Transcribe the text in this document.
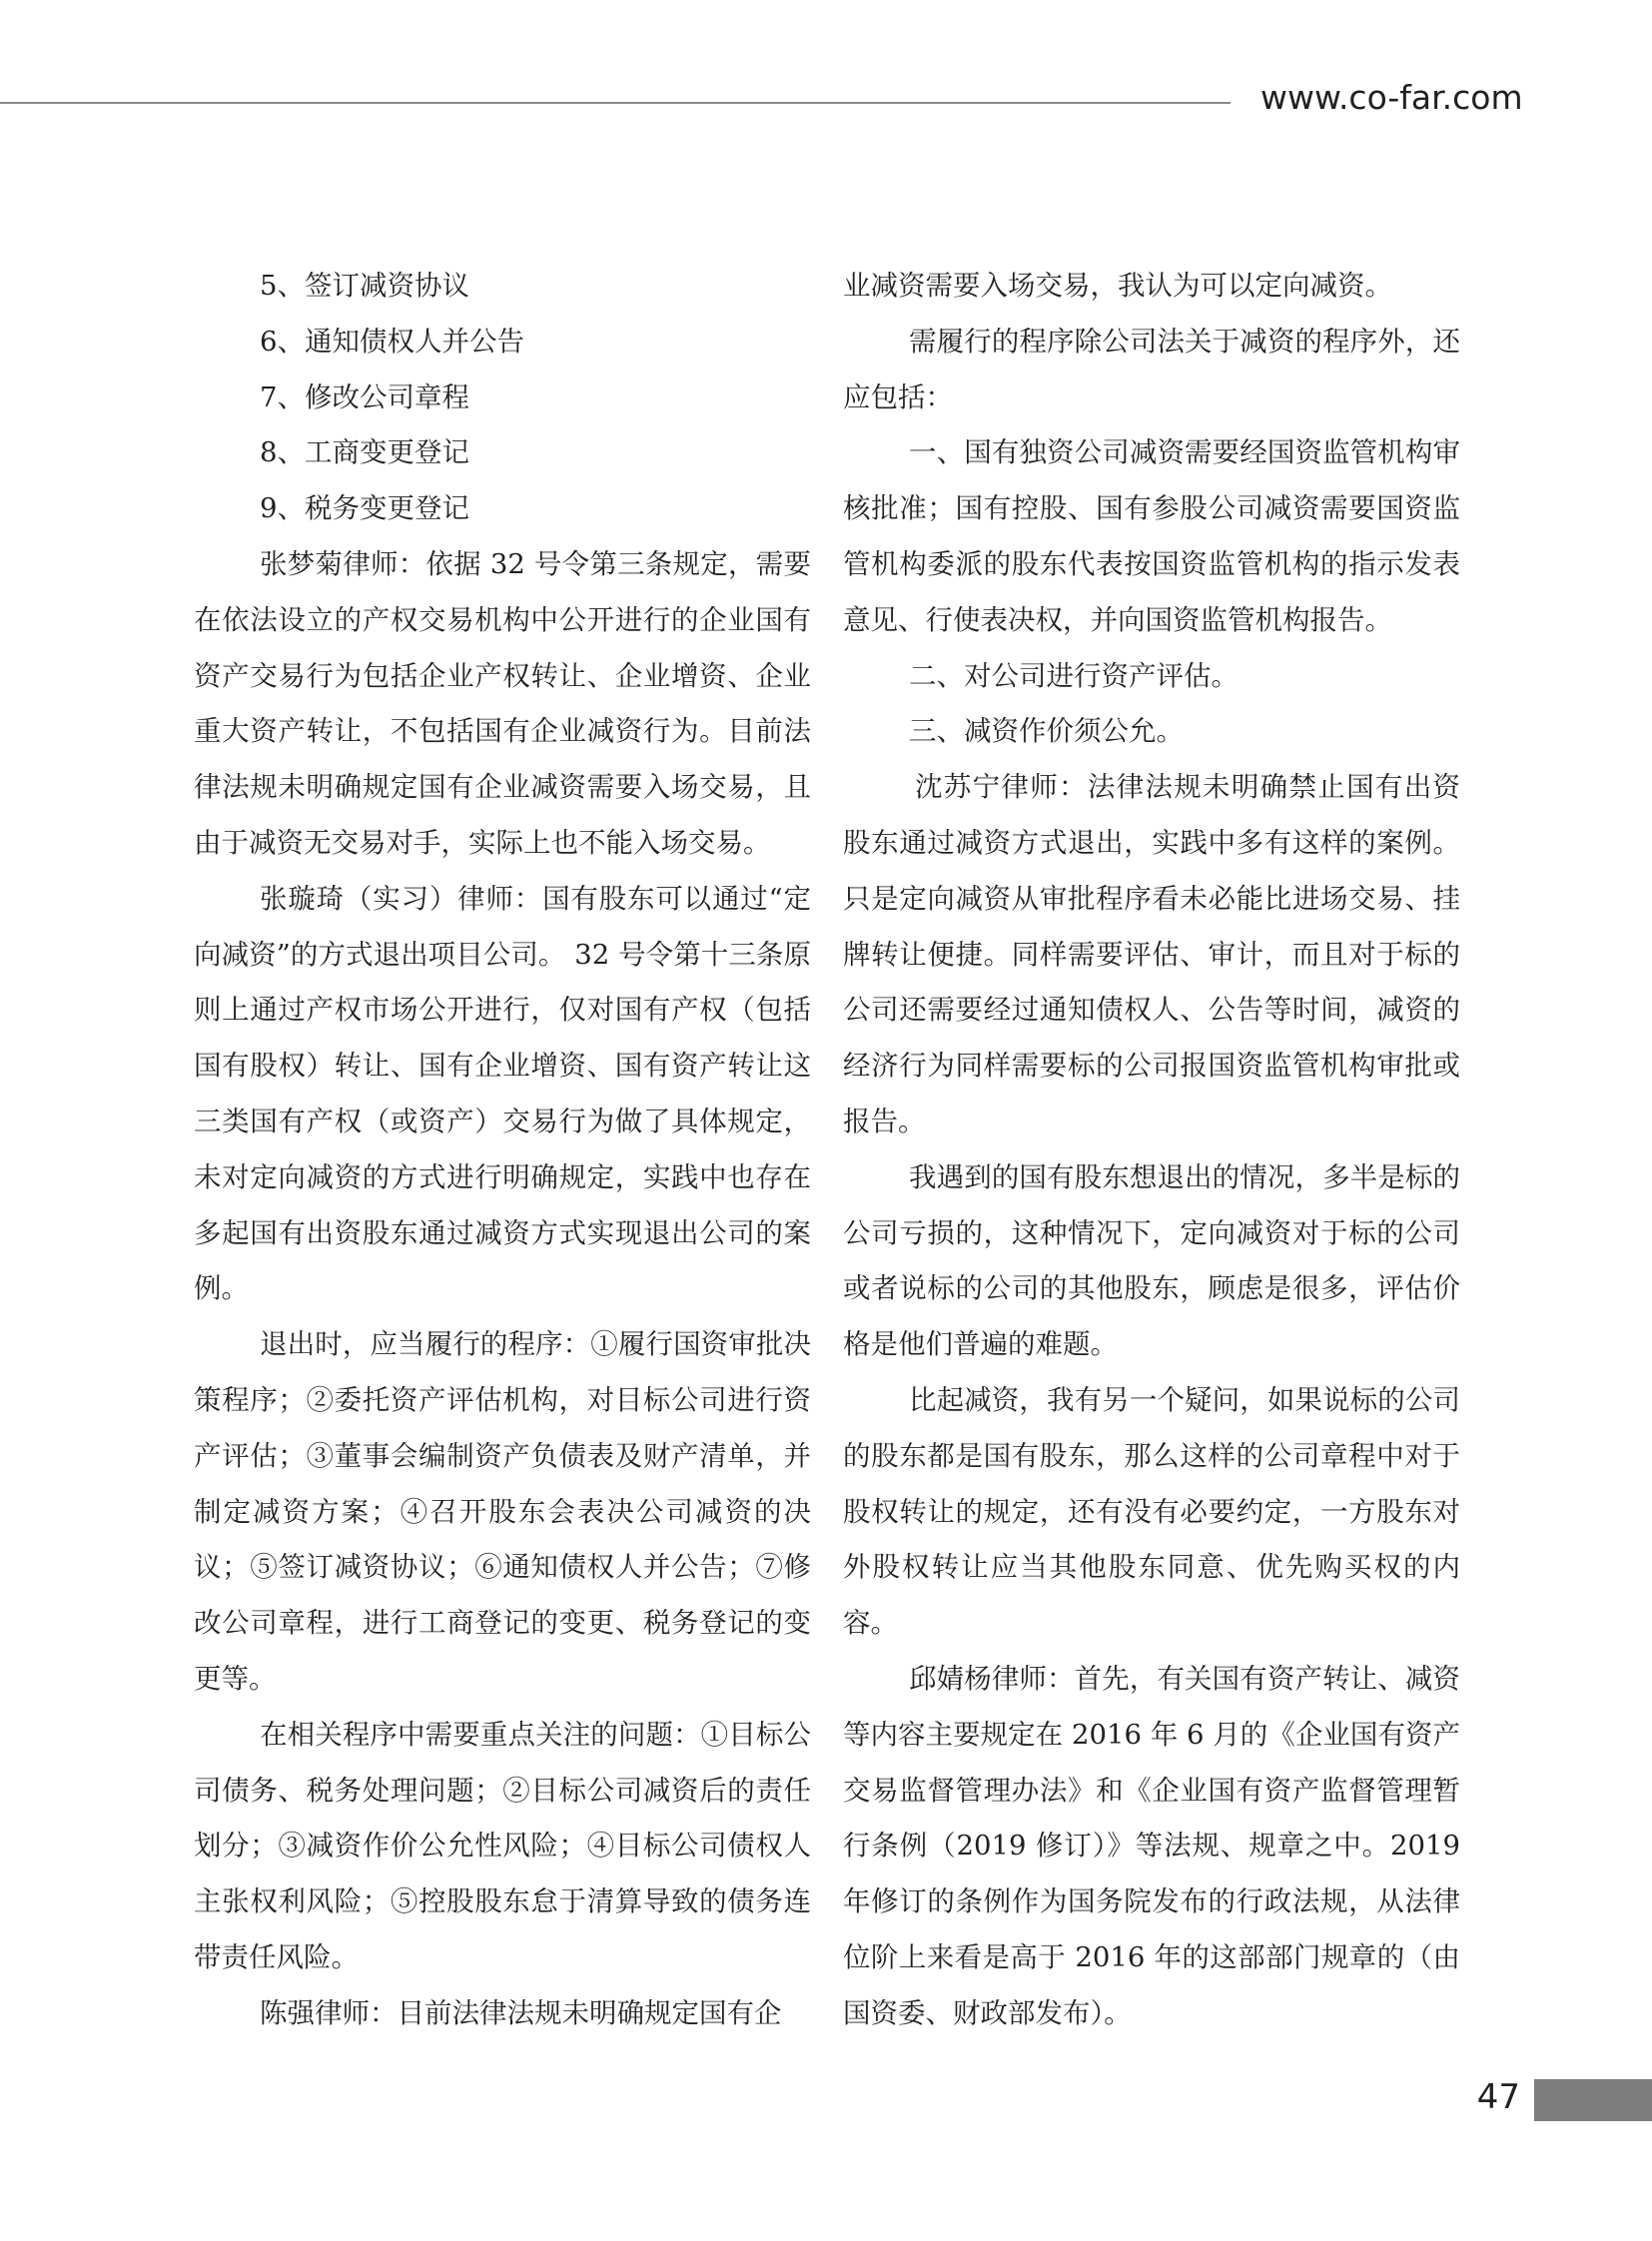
www.co-far.com

5、签订减资协议

6、通知债权人并公告

7、修改公司章程

8、工商变更登记

9、税务变更登记

张梦菊律师：依据 32 号令第三条规定，需要在依法设立的产权交易机构中公开进行的企业国有资产交易行为包括企业产权转让、企业增资、企业重大资产转让，不包括国有企业减资行为。目前法律法规未明确规定国有企业减资需要入场交易，且由于减资无交易对手，实际上也不能入场交易。

张璇琦（实习）律师：国有股东可以通过“定向减资”的方式退出项目公司。 32 号令第十三条原则上通过产权市场公开进行，仅对国有产权（包括国有股权）转让、国有企业增资、国有资产转让这三类国有产权（或资产）交易行为做了具体规定，未对定向减资的方式进行明确规定，实践中也存在多起国有出资股东通过减资方式实现退出公司的案例。

退出时，应当履行的程序：①履行国资审批决策程序；②委托资产评估机构，对目标公司进行资产评估；③董事会编制资产负债表及财产清单，并制定减资方案；④召开股东会表决公司减资的决议；⑤签订减资协议；⑥通知债权人并公告；⑦修改公司章程，进行工商登记的变更、税务登记的变更等。

在相关程序中需要重点关注的问题：①目标公司债务、税务处理问题；②目标公司减资后的责任划分；③减资作价公允性风险；④目标公司债权人主张权利风险；⑤控股股东怠于清算导致的债务连带责任风险。

陈强律师：目前法律法规未明确规定国有企

业减资需要入场交易，我认为可以定向减资。

需履行的程序除公司法关于减资的程序外，还应包括：

一、国有独资公司减资需要经国资监管机构审核批准；国有控股、国有参股公司减资需要国资监管机构委派的股东代表按国资监管机构的指示发表意见、行使表决权，并向国资监管机构报告。

二、对公司进行资产评估。

三、减资作价须公允。

沈苏宁律师：法律法规未明确禁止国有出资股东通过减资方式退出，实践中多有这样的案例。只是定向减资从审批程序看未必能比进场交易、挂牌转让便捷。同样需要评估、审计，而且对于标的公司还需要经过通知债权人、公告等时间，减资的经济行为同样需要标的公司报国资监管机构审批或报告。

我遇到的国有股东想退出的情况，多半是标的公司亏损的，这种情况下，定向减资对于标的公司或者说标的公司的其他股东，顾虑是很多，评估价格是他们普遍的难题。

比起减资，我有另一个疑问，如果说标的公司的股东都是国有股东，那么这样的公司章程中对于股权转让的规定，还有没有必要约定，一方股东对外股权转让应当其他股东同意、优先购买权的内容。

邱婧杨律师：首先，有关国有资产转让、减资等内容主要规定在 2016 年 6 月的《企业国有资产交易监督管理办法》和《企业国有资产监督管理暂行条例（2019 修订）》等法规、规章之中。2019 年修订的条例作为国务院发布的行政法规，从法律位阶上来看是高于 2016 年的这部部门规章的（由国资委、财政部发布）。

47
